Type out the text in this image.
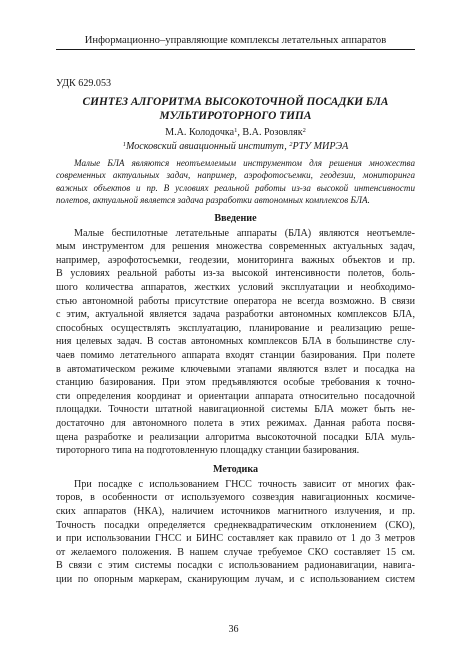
Информационно–управляющие комплексы летательных аппаратов

УДК 629.053

СИНТЕЗ АЛГОРИТМА ВЫСОКОТОЧНОЙ ПОСАДКИ БЛА
МУЛЬТИРОТОРНОГО ТИПА

М.А. Колодочка$^1$, В.А. Розовляк$^2$

$^1$Московский авиационный институт, $^2$РТУ МИРЭА

Малые БЛА являются неотъемлемым инструментом для решения множества современных актуальных задач, например, аэрофотосъемки, геодезии, мониторинга важных объектов и пр. В условиях реальной работы из-за высокой интенсивности полетов, актуальной является задача разработки автономных комплексов БЛА.

Введение
Малые беспилотные летательные аппараты (БЛА) являются неотъемле-
мым инструментом для решения множества современных актуальных задач,
например, аэрофотосъемки, геодезии, мониторинга важных объектов и пр.
В условиях реальной работы из-за высокой интенсивности полетов, боль-
шого количества аппаратов, жестких условий эксплуатации и необходимо-
стью автономной работы присутствие оператора не всегда возможно. В связи
с этим, актуальной является задача разработки автономных комплексов БЛА,
способных осуществлять эксплуатацию, планирование и реализацию реше-
ния целевых задач. В состав автономных комплексов БЛА в большинстве слу-
чаев помимо летательного аппарата входят станции базирования. При полете
в автоматическом режиме ключевыми этапами являются взлет и посадка на
станцию базирования. При этом предъявляются особые требования к точно-
сти определения координат и ориентации аппарата относительно посадочной
площадки. Точности штатной навигационной системы БЛА может быть не-
достаточно для автономного полета в этих режимах. Данная работа посвя-
щена разработке и реализации алгоритма высокоточной посадки БЛА муль-
тироторного типа на подготовленную площадку станции базирования.
Методика
При посадке с использованием ГНСС точность зависит от многих фак-
торов, в особенности от используемого созвездия навигационных космиче-
ских аппаратов (НКА), наличием источников магнитного излучения, и пр.
Точность посадки определяется среднеквадратическим отклонением (СКО),
и при использовании ГНСС и БИНС составляет как правило от 1 до 3 метров
от желаемого положения. В нашем случае требуемое СКО составляет 15 см.
В связи с этим системы посадки с использованием радионавигации, навига-
ции по опорным маркерам, сканирующим лучам, и с использованием систем
36
